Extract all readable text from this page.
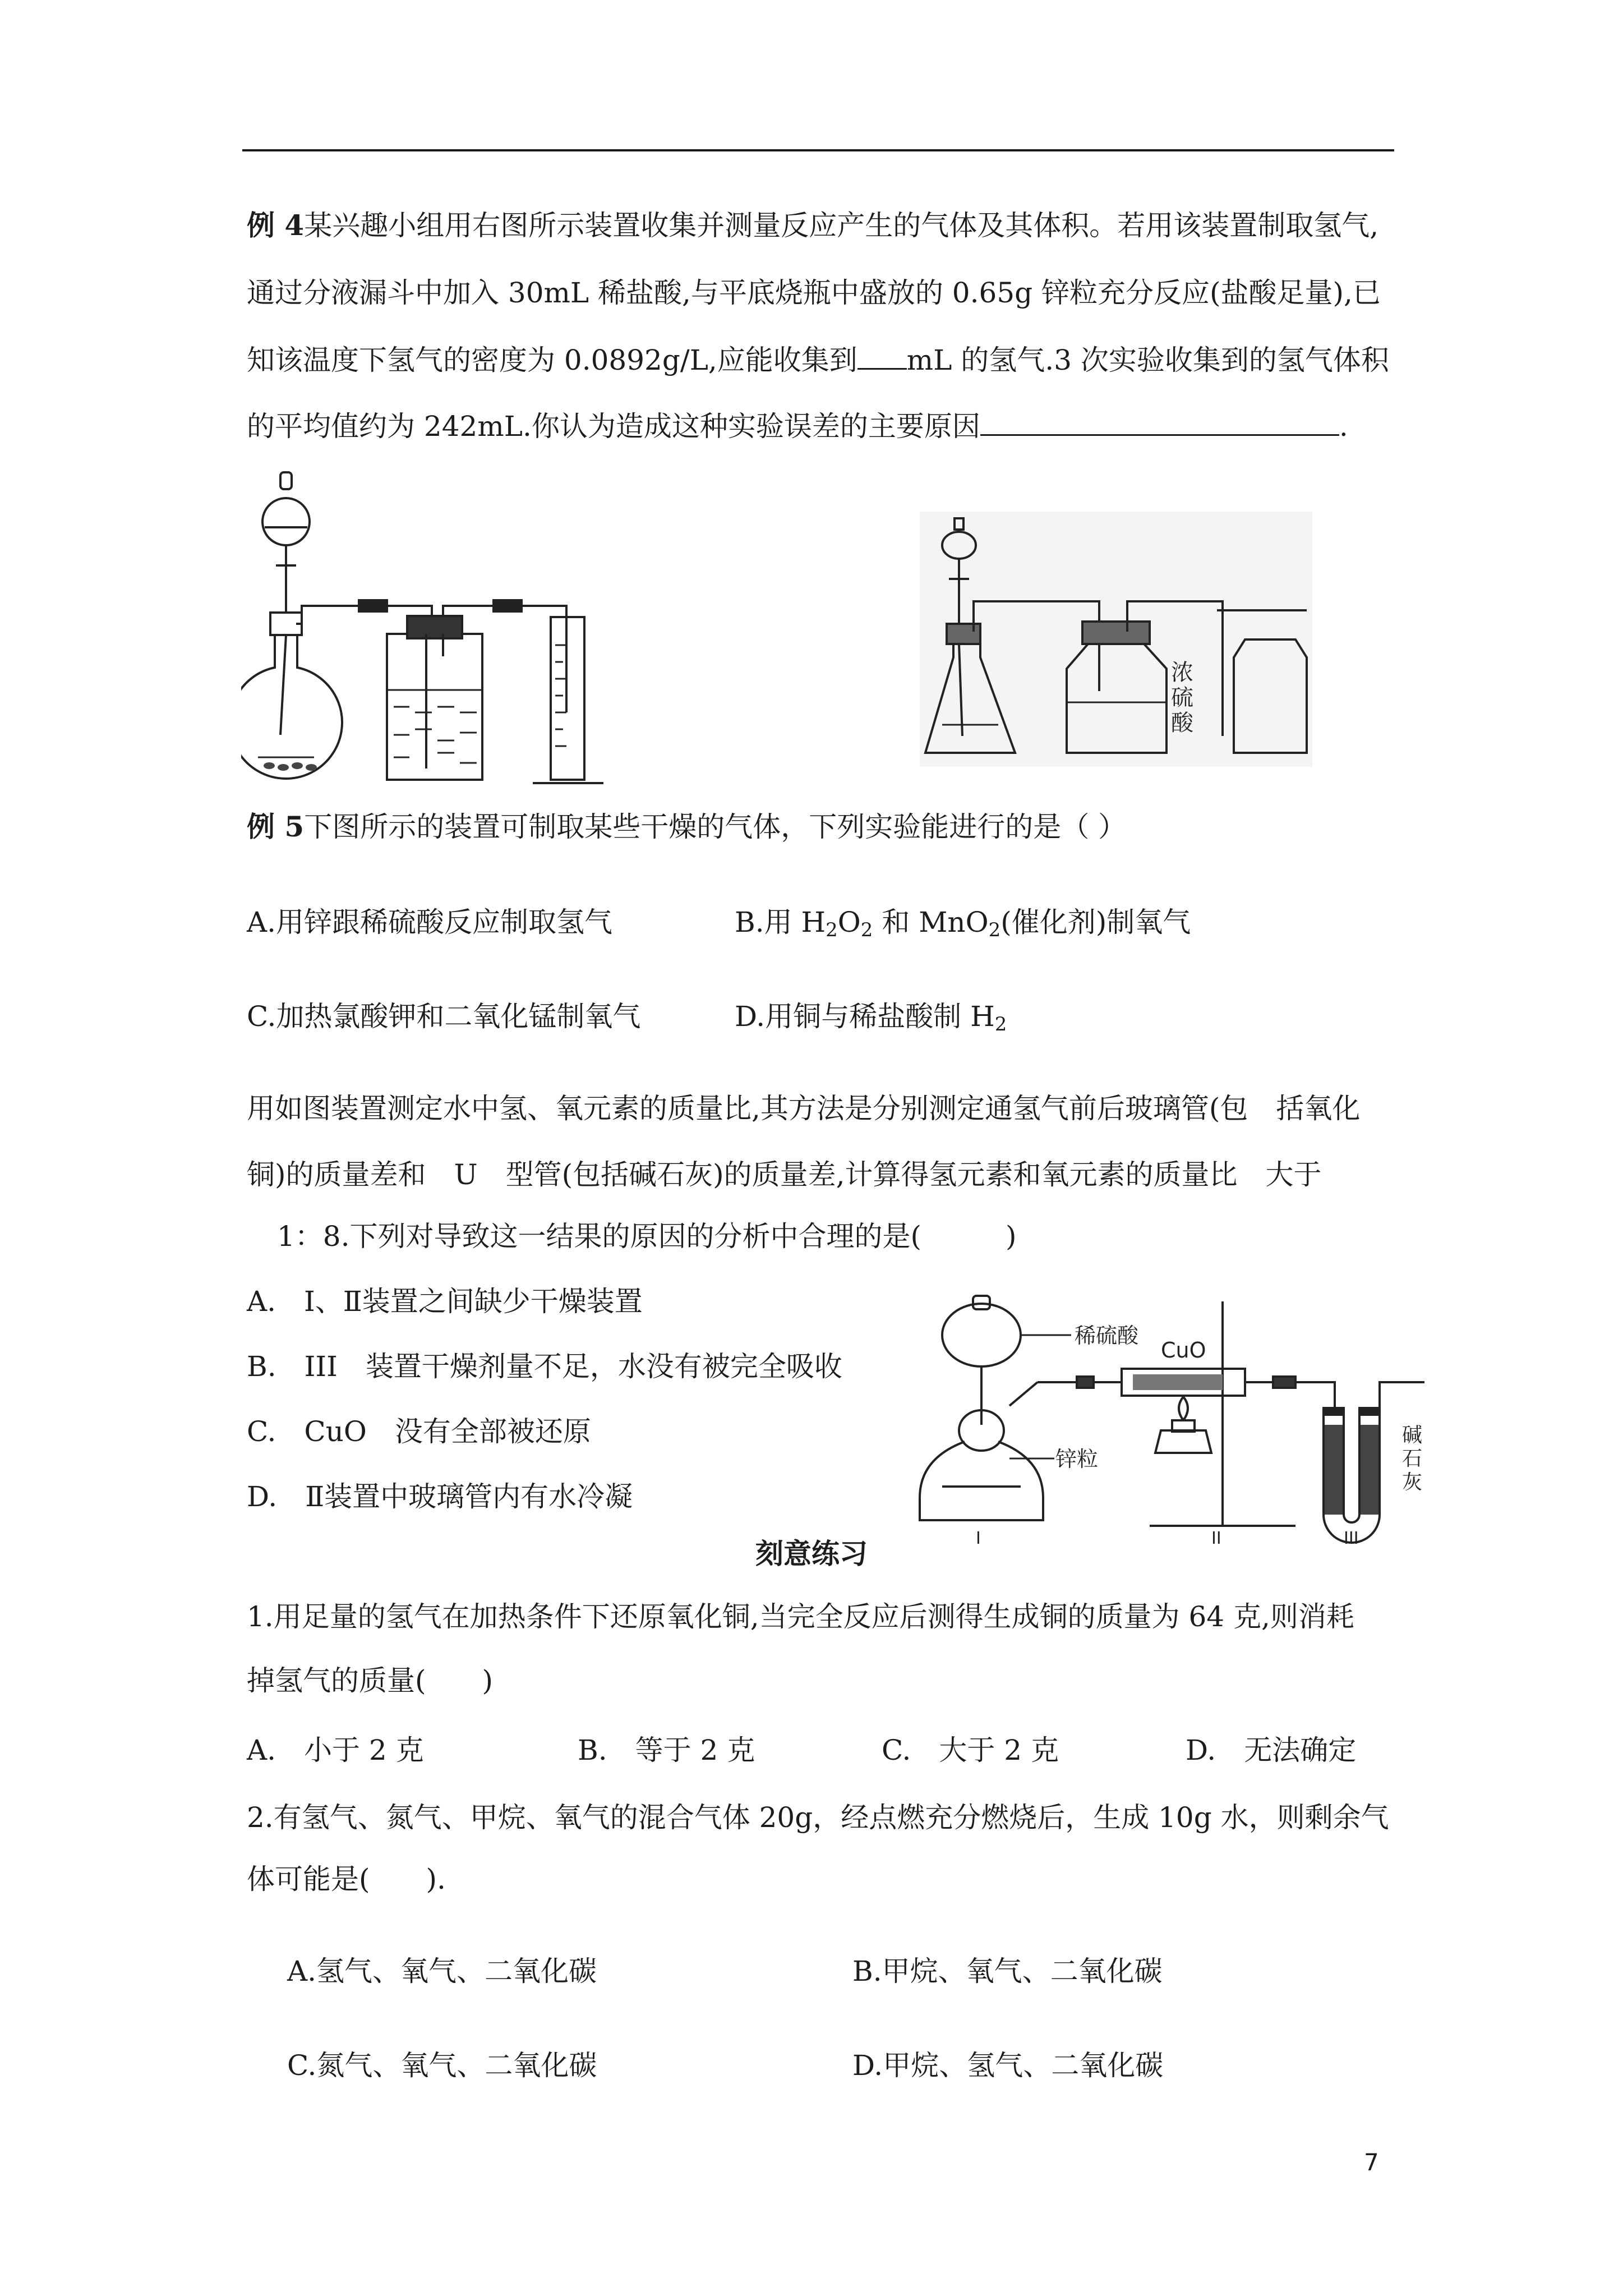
例 4某兴趣小组用右图所示装置收集并测量反应产生的气体及其体积。若用该装置制取氢气,
通过分液漏斗中加入 30mL 稀盐酸,与平底烧瓶中盛放的 0.65g 锌粒充分反应(盐酸足量),已
知该温度下氢气的密度为 0.0892g/L,应能收集到 mL 的氢气.3 次实验收集到的氢气体积
的平均值约为 242mL.你认为造成这种实验误差的主要原因	.
浓
硫
酸
例 5下图所示的装置可制取某些干燥的气体，下列实验能进行的是（ ）
A.用锌跟稀硫酸反应制取氢气	B.用 $H_2O_2$ 和 MnO$_2$(催化剂)制氧气
C.加热氯酸钾和二氧化锰制氧气	D.用铜与稀盐酸制 $H_2$
用如图装置测定水中氢、氧元素的质量比,其方法是分别测定通氢气前后玻璃管(包　括氧化
铜)的质量差和　U　型管(包括碱石灰)的质量差,计算得氢元素和氧元素的质量比　大于
1：8.下列对导致这一结果的原因的分析中合理的是(　　　)
A.　I、Ⅱ装置之间缺少干燥装置
B.　III　装置干燥剂量不足，水没有被完全吸收
C.　CuO　没有全部被还原
D.　Ⅱ装置中玻璃管内有水冷凝
稀硫酸
CuO
锌粒
碱
石
灰
I	II	III
刻意练习
1.用足量的氢气在加热条件下还原氧化铜,当完全反应后测得生成铜的质量为 64 克,则消耗
掉氢气的质量(　　)
A.　小于 2 克	B.　等于 2 克	C.　大于 2 克	D.　无法确定
2.有氢气、氮气、甲烷、氧气的混合气体 20g，经点燃充分燃烧后，生成 10g 水，则剩余气
体可能是(　　).
A.氢气、氧气、二氧化碳	B.甲烷、氧气、二氧化碳
C.氮气、氧气、二氧化碳	D.甲烷、氢气、二氧化碳
7
